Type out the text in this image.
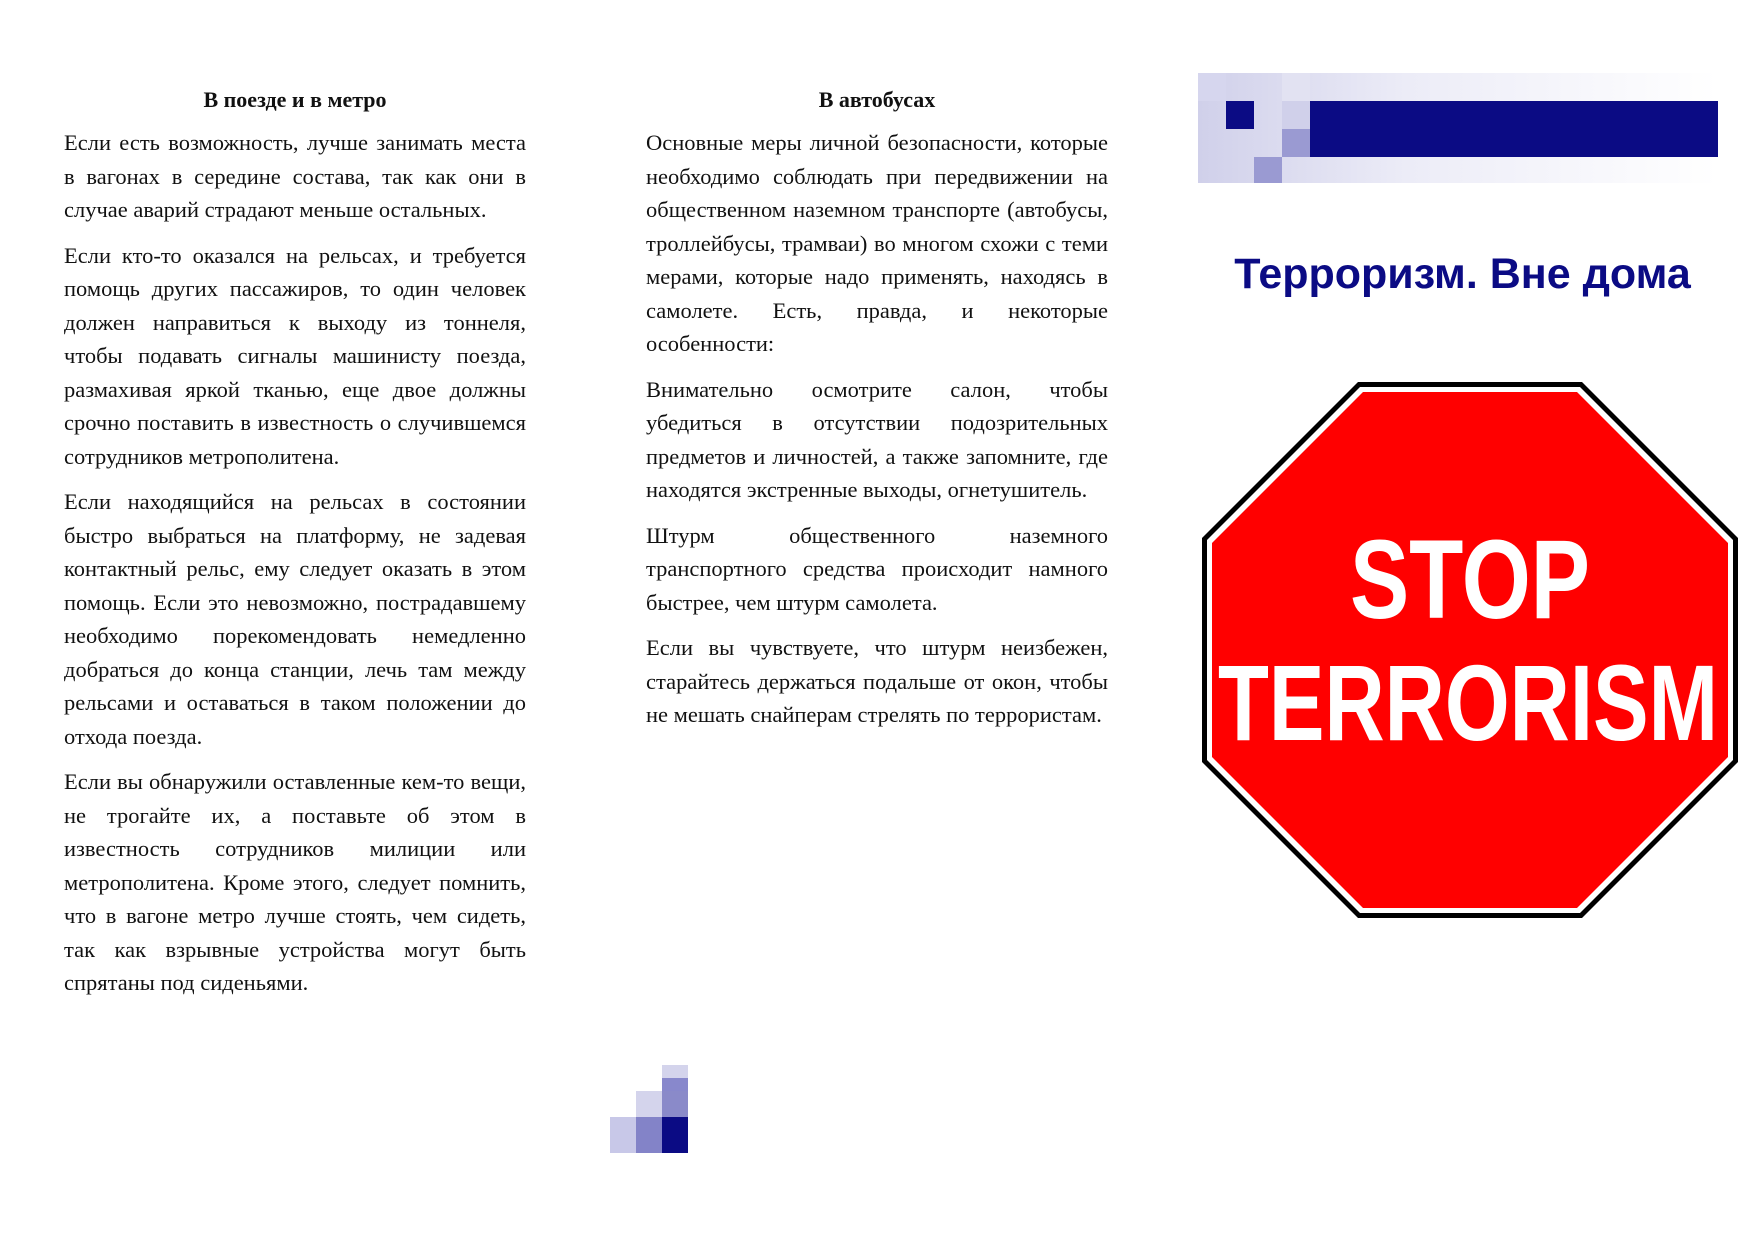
В поезде и в метро

Если есть возможность, лучше занимать места в вагонах в середине состава, так как они в случае аварий страдают меньше остальных.

Если кто-то оказался на рельсах, и требуется помощь других пассажиров, то один человек должен направиться к выходу из тоннеля, чтобы подавать сигналы машинисту поезда, размахивая яркой тканью, еще двое должны срочно поставить в известность о случившемся сотрудников метрополитена.

Если находящийся на рельсах в состоянии быстро выбраться на платформу, не задевая контактный рельс, ему следует оказать в этом помощь. Если это невозможно, пострадавшему необходимо порекомендовать немедленно добраться до конца станции, лечь там между рельсами и оставаться в таком положении до отхода поезда.

Если вы обнаружили оставленные кем-то вещи, не трогайте их, а поставьте об этом в известность сотрудников милиции или метрополитена. Кроме этого, следует помнить, что в вагоне метро лучше стоять, чем сидеть, так как взрывные устройства могут быть спрятаны под сиденьями.

В автобусах

Основные меры личной безопасности, которые необходимо соблюдать при передвижении на общественном наземном транспорте (автобусы, троллейбусы, трамваи) во многом схожи с теми мерами, которые надо применять, находясь в самолете. Есть, правда, и некоторые особенности:

Внимательно осмотрите салон, чтобы убедиться в отсутствии подозрительных предметов и личностей, а также запомните, где находятся экстренные выходы, огнетушитель.

Штурм общественного наземного транспортного средства происходит намного быстрее, чем штурм самолета.

Если вы чувствуете, что штурм неизбежен, старайтесь держаться подальше от окон, чтобы не мешать снайперам стрелять по террористам.

Терроризм. Вне дома
STOP
TERRORISM
